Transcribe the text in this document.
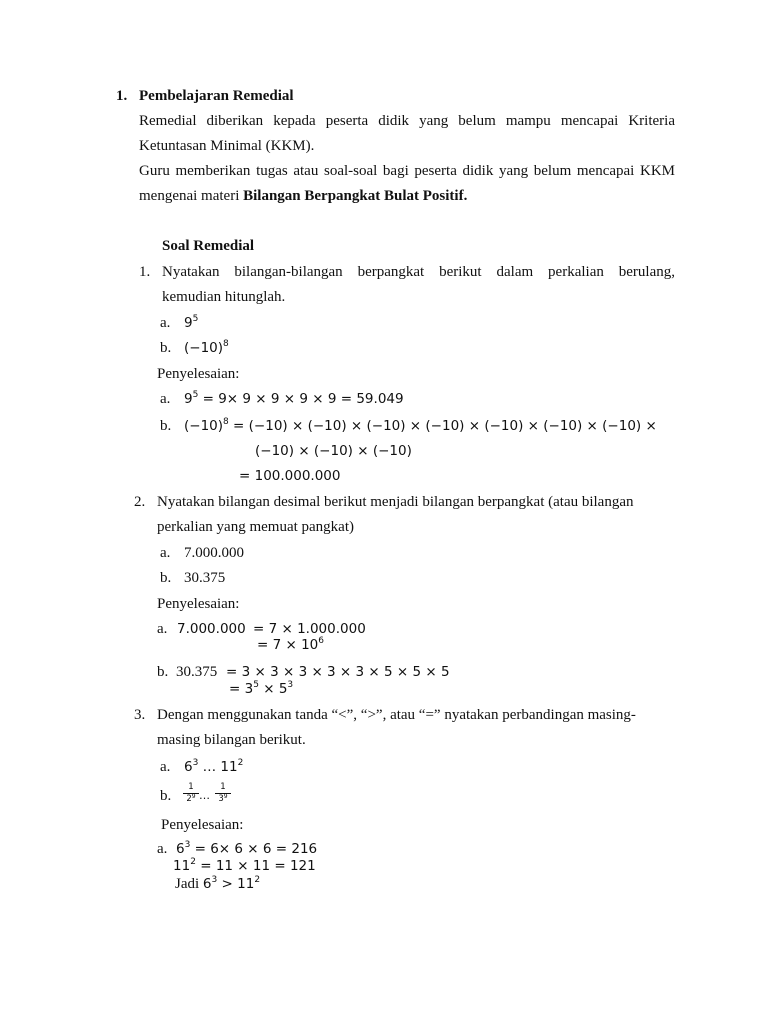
1. Pembelajaran Remedial
Remedial diberikan kepada peserta didik yang belum mampu mencapai Kriteria
Ketuntasan Minimal (KKM).
Guru memberikan tugas atau soal-soal bagi peserta didik yang belum mencapai KKM
mengenai materi Bilangan Berpangkat Bulat Positif.
Soal Remedial
1. Nyatakan bilangan-bilangan berpangkat berikut dalam perkalian berulang,
kemudian hitunglah.
a. $9^5$
b. $(-10)^8$
Penyelesaian:
a. $9^5 = 9\times 9 \times 9 \times 9 \times 9 = 59.049$
b. $(-10)^8 = (-10) \times (-10) \times (-10) \times (-10) \times (-10) \times (-10) \times (-10)$ ×
(−10) × (−10) × (−10)
= 100.000.000
2. Nyatakan bilangan desimal berikut menjadi bilangan berpangkat (atau bilangan
perkalian yang memuat pangkat)
a. 7.000.000
b. 30.375
Penyelesaian:
a. 7.000.000 = 7 × 1.000.000
= $7 \times 10^6$
b. 30.375 = 3 × 3 × 3 × 3 × 3 × 5 × 5 × 5
= $3^5 \times 5^3$
3. Dengan menggunakan tanda “<”, “>”, atau “=” nyatakan perbandingan masing-
masing bilangan berikut.
a. $6^3$ … $11^2$
b. $\frac{1}{2^9}$ … $\frac{1}{3^9}$
Penyelesaian:
a. $6^3 = 6\times 6 \times 6 = 216$
$11^2 = 11 \times 11 = 121$
Jadi $6^3 > 11^2$
